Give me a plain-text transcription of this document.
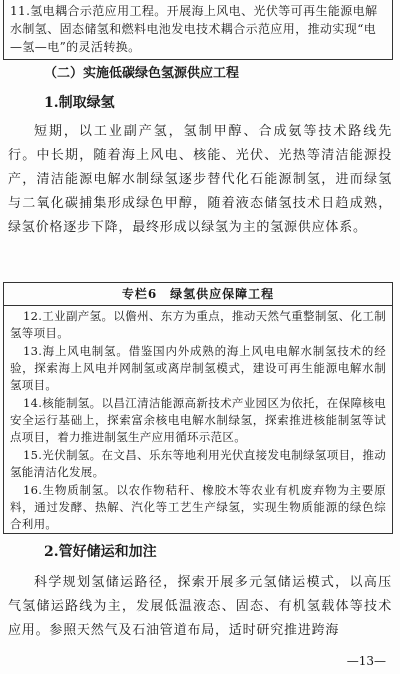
11.氢电耦合示范应用工程。开展海上风电、光伏等可再生能源电解水制氢、固态储氢和燃料电池发电技术耦合示范应用，推动实现“电—氢—电”的灵活转换。

（二）实施低碳绿色氢源供应工程
1.制取绿氢

短期，以工业副产氢，氢制甲醇、合成氨等技术路线先行。中长期，随着海上风电、核能、光伏、光热等清洁能源投产，清洁能源电解水制绿氢逐步替代化石能源制氢，进而绿氢与二氧化碳捕集形成绿色甲醇，随着液态储氢技术日趋成熟，绿氢价格逐步下降，最终形成以绿氢为主的氢源供应体系。

专栏6　绿氢供应保障工程

12.工业副产氢。以儋州、东方为重点，推动天然气重整制氢、化工制氢等项目。

13.海上风电制氢。借鉴国内外成熟的海上风电电解水制氢技术的经验，探索海上风电并网制氢或离岸制氢模式，建设可再生能源电解水制氢项目。

14.核能制氢。以昌江清洁能源高新技术产业园区为依托，在保障核电安全运行基础上，探索富余核电电解水制绿氢，探索推进核能制氢等试点项目，着力推进制氢生产应用循环示范区。

15.光伏制氢。在文昌、乐东等地利用光伏直接发电制绿氢项目，推动氢能清洁化发展。

16.生物质制氢。以农作物秸秆、橡胶木等农业有机废弃物为主要原料，通过发酵、热解、汽化等工艺生产绿氢，实现生物质能源的绿色综合利用。

2.管好储运和加注

科学规划氢储运路径，探索开展多元氢储运模式，以高压气氢储运路线为主，发展低温液态、固态、有机氢载体等技术应用。参照天然气及石油管道布局，适时研究推进跨海

—13—
